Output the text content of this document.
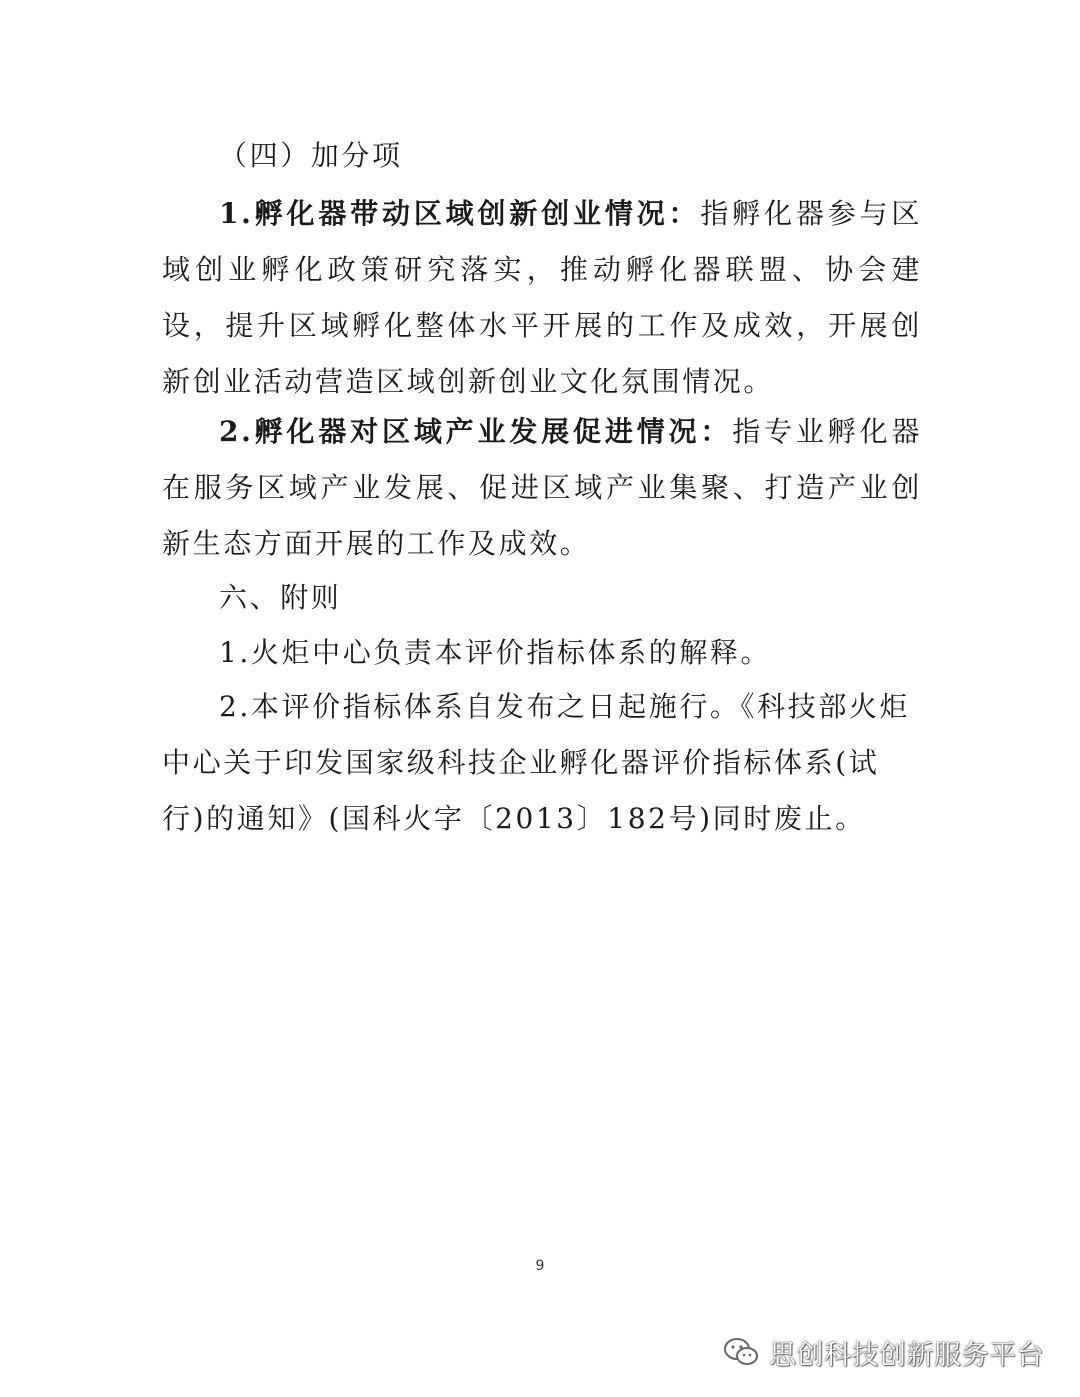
（四）加分项
1.孵化器带动区域创新创业情况：指孵化器参与区域创业孵化政策研究落实，推动孵化器联盟、协会建设，提升区域孵化整体水平开展的工作及成效，开展创新创业活动营造区域创新创业文化氛围情况。
2.孵化器对区域产业发展促进情况：指专业孵化器在服务区域产业发展、促进区域产业集聚、打造产业创新生态方面开展的工作及成效。
六、附则
1.火炬中心负责本评价指标体系的解释。
2.本评价指标体系自发布之日起施行。《科技部火炬中心关于印发国家级科技企业孵化器评价指标体系(试行)的通知》(国科火字〔2013〕182号)同时废止。
9
思创科技创新服务平台
